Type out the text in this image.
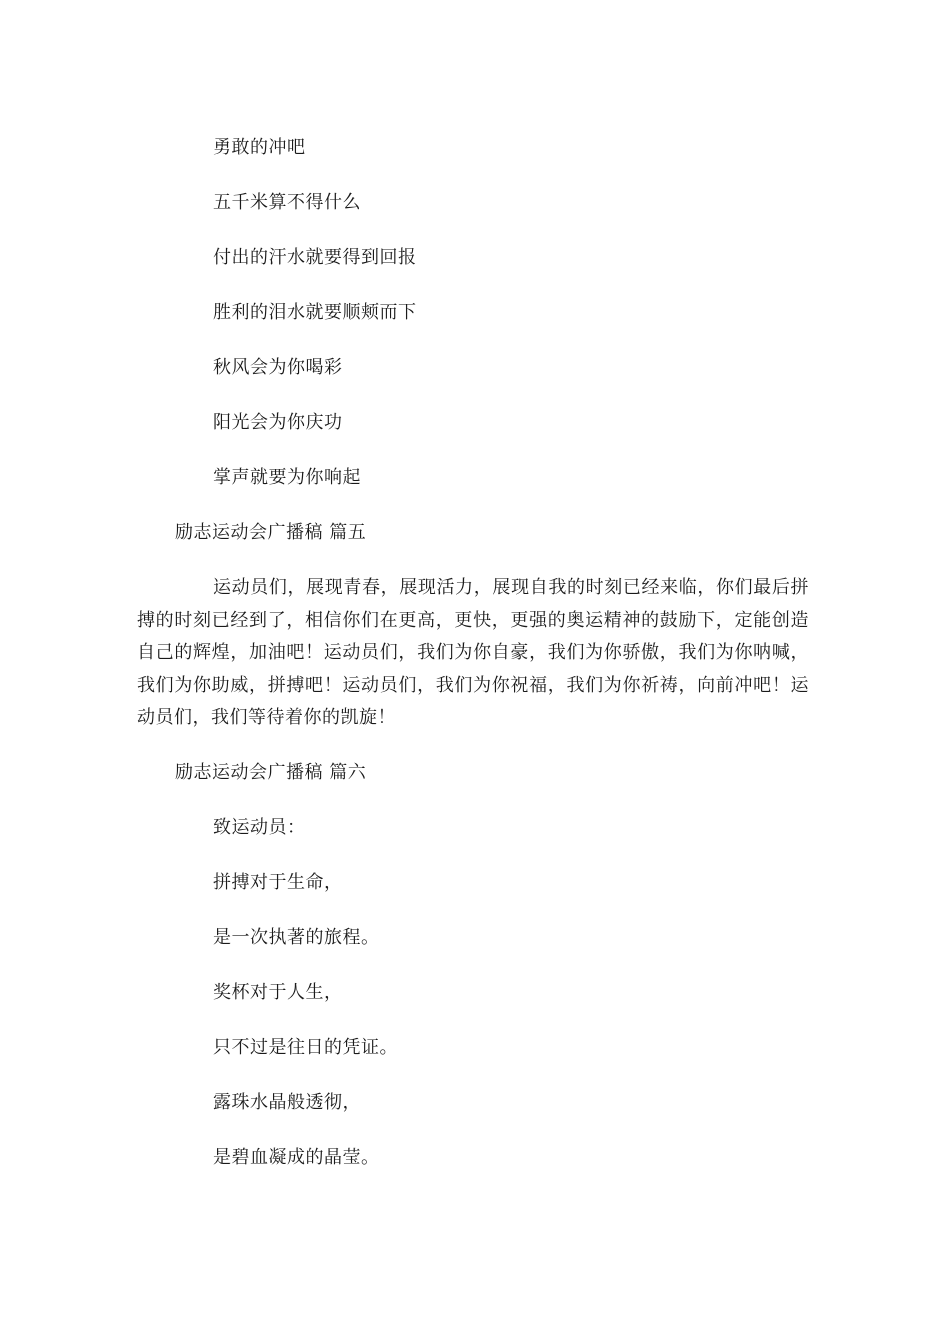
勇敢的冲吧
五千米算不得什么
付出的汗水就要得到回报
胜利的泪水就要顺颊而下
秋风会为你喝彩
阳光会为你庆功
掌声就要为你响起
励志运动会广播稿 篇五
运动员们，展现青春，展现活力，展现自我的时刻已经来临，你们最后拼搏的时刻已经到了，相信你们在更高，更快，更强的奥运精神的鼓励下，定能创造自己的辉煌，加油吧！运动员们，我们为你自豪，我们为你骄傲，我们为你呐喊，我们为你助威，拼搏吧！运动员们，我们为你祝福，我们为你祈祷，向前冲吧！运动员们，我们等待着你的凯旋！
励志运动会广播稿 篇六
致运动员：
拼搏对于生命，
是一次执著的旅程。
奖杯对于人生，
只不过是往日的凭证。
露珠水晶般透彻，
是碧血凝成的晶莹。
